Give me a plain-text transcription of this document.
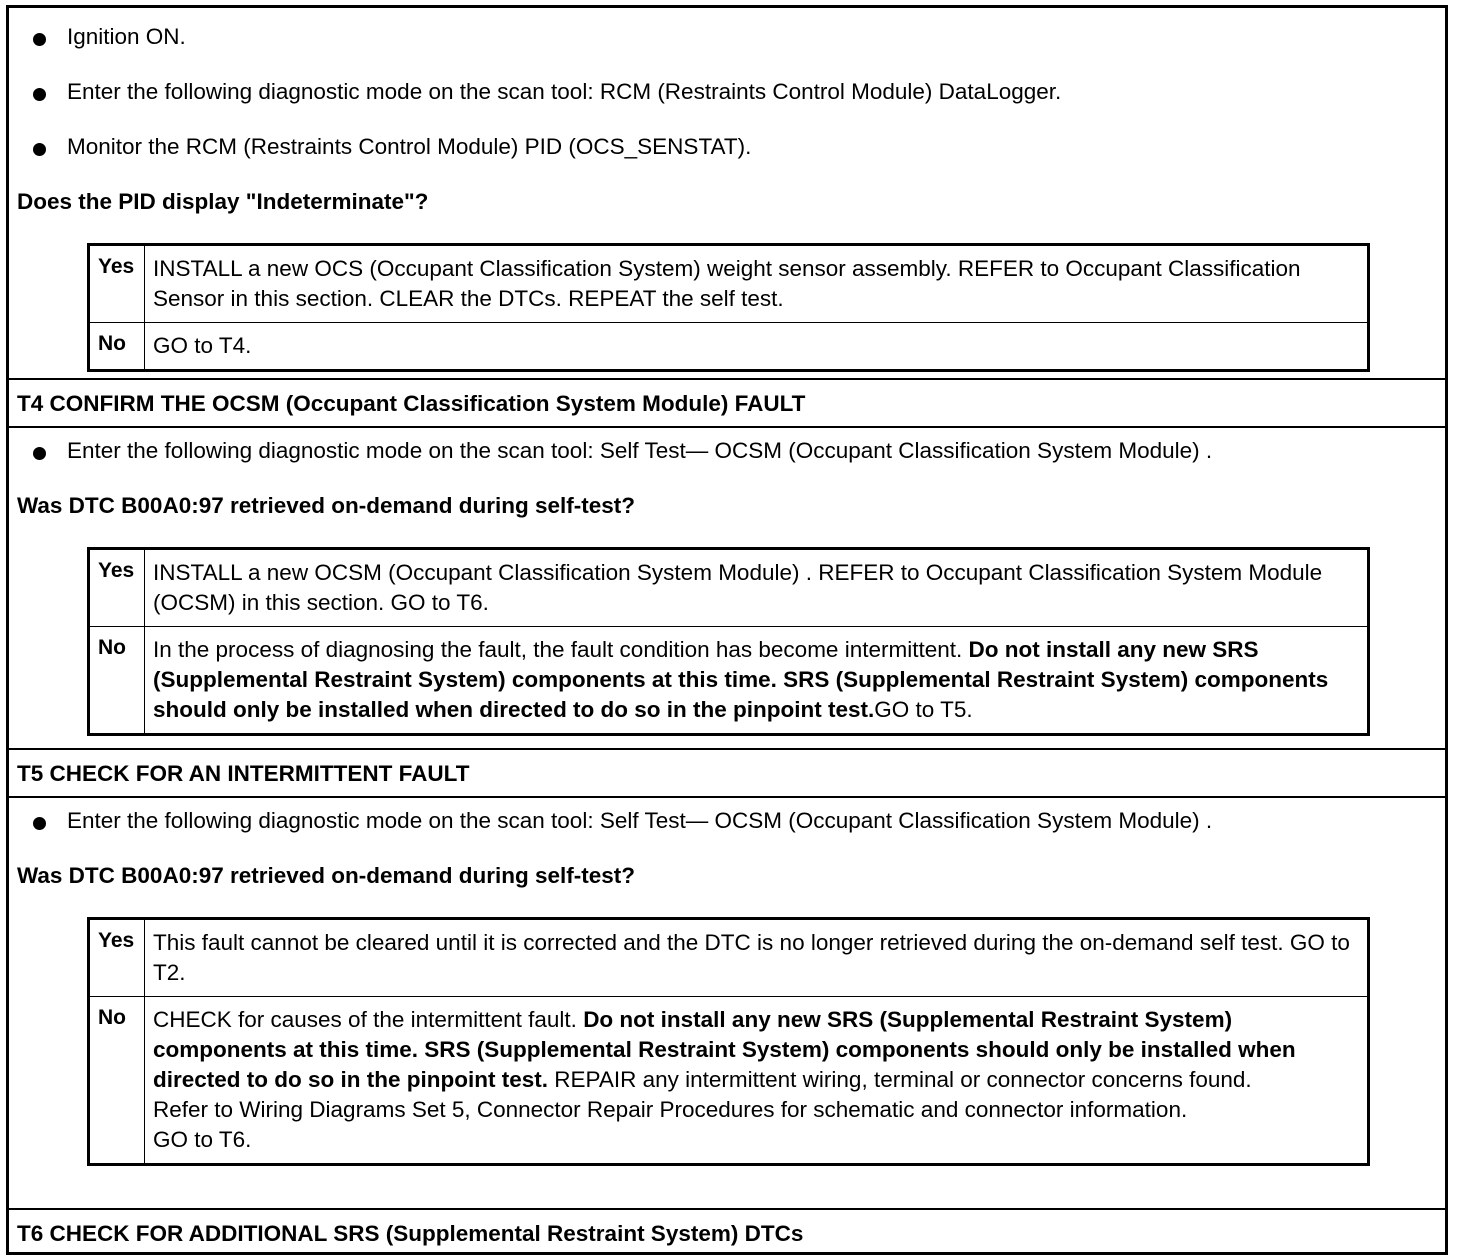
Ignition ON.
Enter the following diagnostic mode on the scan tool: RCM (Restraints Control Module) DataLogger.
Monitor the RCM (Restraints Control Module) PID (OCS_SENSTAT).
Does the PID display "Indeterminate"?
Yes	INSTALL a new OCS (Occupant Classification System) weight sensor assembly. REFER to Occupant Classification Sensor in this section. CLEAR the DTCs. REPEAT the self test.
No	GO to T4.
T4 CONFIRM THE OCSM (Occupant Classification System Module) FAULT
Enter the following diagnostic mode on the scan tool: Self Test— OCSM (Occupant Classification System Module) .
Was DTC B00A0:97 retrieved on-demand during self-test?
Yes	INSTALL a new OCSM (Occupant Classification System Module) . REFER to Occupant Classification System Module (OCSM) in this section. GO to T6.
No	In the process of diagnosing the fault, the fault condition has become intermittent. Do not install any new SRS (Supplemental Restraint System) components at this time. SRS (Supplemental Restraint System) components should only be installed when directed to do so in the pinpoint test.GO to T5.
T5 CHECK FOR AN INTERMITTENT FAULT
Enter the following diagnostic mode on the scan tool: Self Test— OCSM (Occupant Classification System Module) .
Was DTC B00A0:97 retrieved on-demand during self-test?
Yes	This fault cannot be cleared until it is corrected and the DTC is no longer retrieved during the on-demand self test. GO to T2.
No	CHECK for causes of the intermittent fault. Do not install any new SRS (Supplemental Restraint System) components at this time. SRS (Supplemental Restraint System) components should only be installed when directed to do so in the pinpoint test. REPAIR any intermittent wiring, terminal or connector concerns found.
Refer to Wiring Diagrams Set 5, Connector Repair Procedures for schematic and connector information.
GO to T6.
T6 CHECK FOR ADDITIONAL SRS (Supplemental Restraint System) DTCs
